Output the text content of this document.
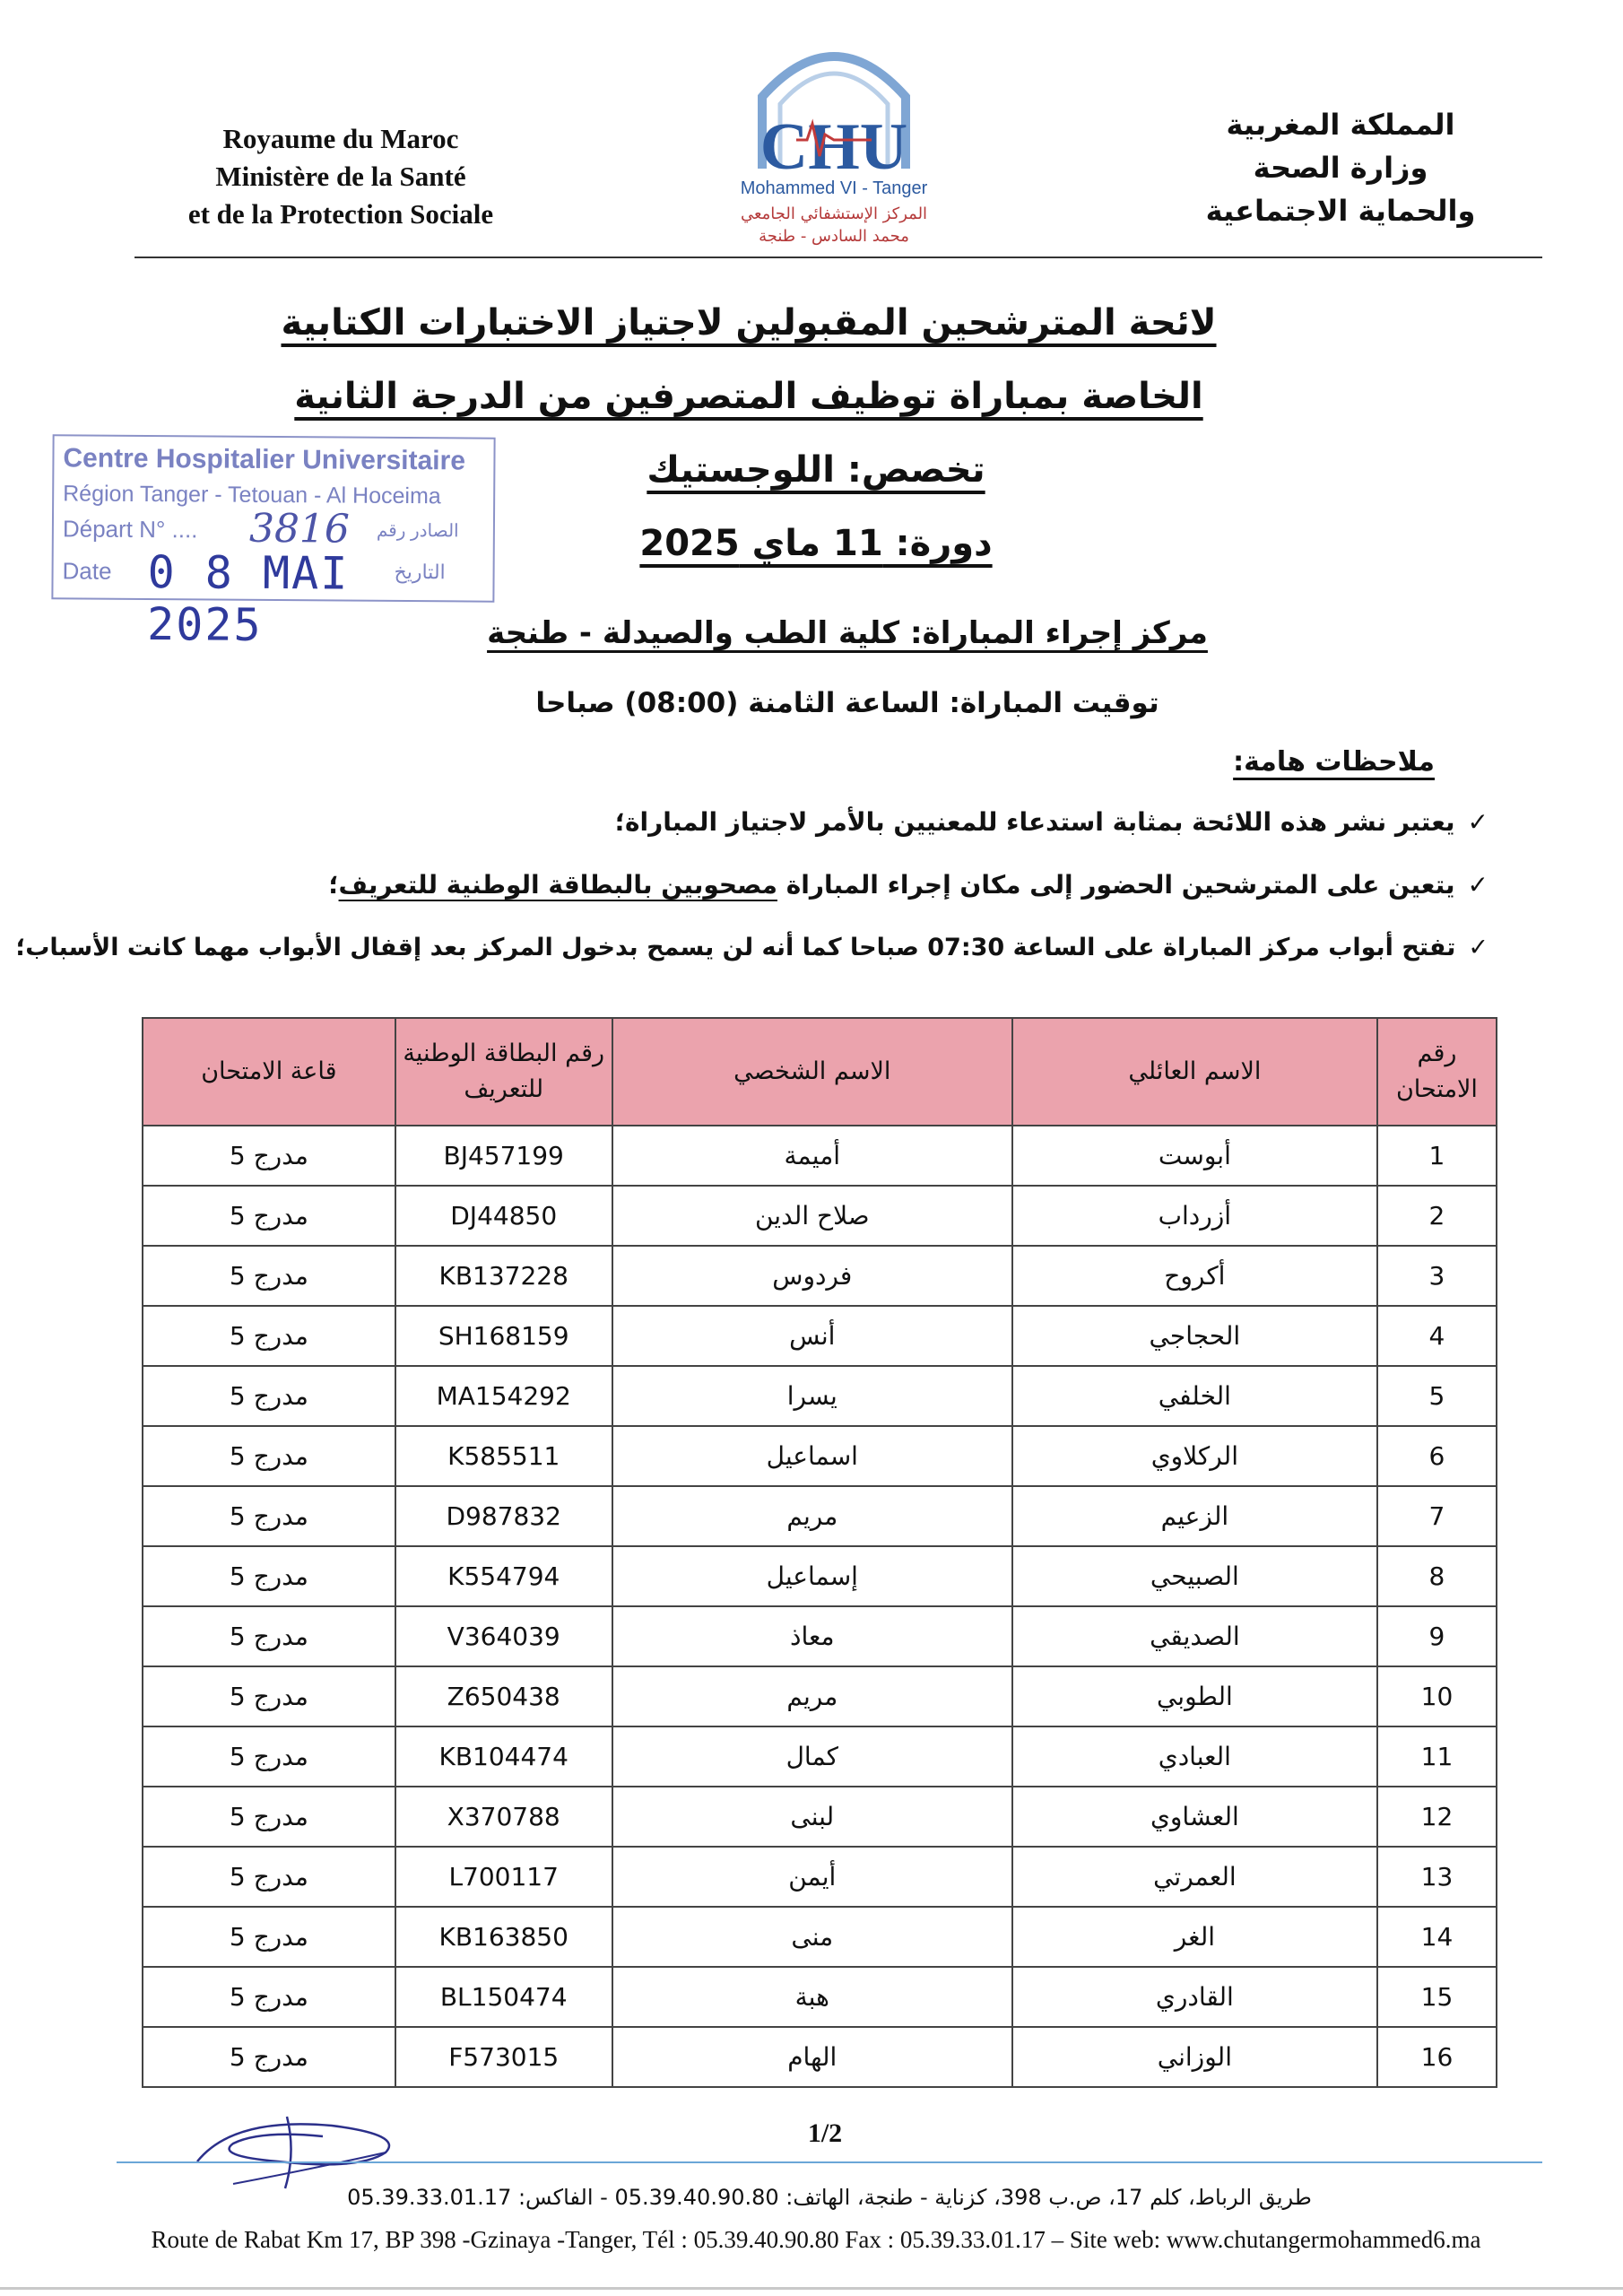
Royaume du Maroc
Ministère de la Santé
et de la Protection Sociale
CHU
Mohammed VI - Tanger
المركز الإستشفائي الجامعي
محمد السادس - طنجة
المملكة المغربية
وزارة الصحة
والحماية الاجتماعية
لائحة المترشحين المقبولين لاجتياز الاختبارات الكتابية
الخاصة بمباراة توظيف المتصرفين من الدرجة الثانية
تخصص: اللوجستيك
دورة: 11 ماي 2025
مركز إجراء المباراة: كلية الطب والصيدلة - طنجة
توقيت المباراة: الساعة الثامنة (08:00) صباحا
Centre Hospitalier Universitaire
Région Tanger - Tetouan - Al Hoceima
Départ N° .... 3816 الصادر رقم
Date 0 8 MAI 2025
التاريخ
ملاحظات هامة:
✓يعتبر نشر هذه اللائحة بمثابة استدعاء للمعنيين بالأمر لاجتياز المباراة؛
✓يتعين على المترشحين الحضور إلى مكان إجراء المباراة مصحوبين بالبطاقة الوطنية للتعريف؛
✓تفتح أبواب مركز المباراة على الساعة 07:30 صباحا كما أنه لن يسمح بدخول المركز بعد إقفال الأبواب مهما كانت الأسباب؛
رقم الامتحان	الاسم العائلي	الاسم الشخصي	رقم البطاقة الوطنية للتعريف	قاعة الامتحان
1	أبوست	أميمة	BJ457199	مدرج 5
2	أزرداب	صلاح الدين	DJ44850	مدرج 5
3	أكروح	فردوس	KB137228	مدرج 5
4	الحجاجي	أنس	SH168159	مدرج 5
5	الخلفي	يسرا	MA154292	مدرج 5
6	الركلاوي	اسماعيل	K585511	مدرج 5
7	الزعيم	مريم	D987832	مدرج 5
8	الصبيحي	إسماعيل	K554794	مدرج 5
9	الصديقي	معاذ	V364039	مدرج 5
10	الطوبي	مريم	Z650438	مدرج 5
11	العبادي	كمال	KB104474	مدرج 5
12	العشاوي	لبنى	X370788	مدرج 5
13	العمرتي	أيمن	L700117	مدرج 5
14	الغر	منى	KB163850	مدرج 5
15	القادري	هبة	BL150474	مدرج 5
16	الوزاني	الهام	F573015	مدرج 5
1/2
طريق الرباط، كلم 17، ص.ب 398، كزناية - طنجة، الهاتف: 05.39.40.90.80 - الفاكس: 05.39.33.01.17
Route de Rabat Km 17, BP 398 -Gzinaya -Tanger, Tél : 05.39.40.90.80 Fax : 05.39.33.01.17 – Site web: www.chutangermohammed6.ma
